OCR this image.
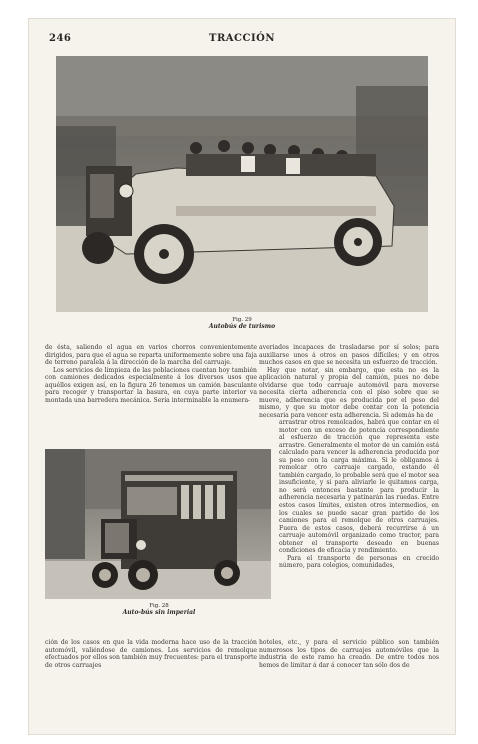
246	TRACCIÓN
Fig. 29
Autobús de turismo

de ésta, saliendo el agua en varios chorros convenientemente dirigidos, para que el agua se reparta uniformemente sobre una faja de terreno paralela á la dirección de la marcha del carruaje.

Los servicios de limpieza de las poblaciones cuentan hoy también con camiones dedicados especialmente á los diversos usos que aquéllos exigen así, en la figura 26 tenemos un camión basculante para recoger y transportar la basura, en cuya parte interior va montada una barredera mecánica. Sería interminable la enumera-

averiados incapaces de trasladarse por sí solos; para auxiliarse unos á otros en pasos difíciles; y en otros muchos casos en que se necesita un esfuerzo de tracción.

Hay que notar, sin embargo, que esta no es la aplicación natural y propia del camión, pues no debe olvidarse que todo carruaje automóvil para moverse necesita cierta adherencia con el piso sobre que se mueve, adherencia que es producida por el peso del mismo, y que su motor debe contar con la potencia necesaria para vencer esta adherencia. Si además ha de

Fig. 28
Auto-bús sin imperial

arrastrar otros remolcados, habrá que contar en el motor con un exceso de potencia correspondiente al esfuerzo de tracción que representa este arrastre. Generalmente el motor de un camión está calculado para vencer la adherencia producida por su peso con la carga máxima. Si le obligamos á remolcar otro carruaje cargado, estando él también cargado, lo probable será que el motor sea insuficiente, y si para aliviarle le quitamos carga, no será entonces bastante para producir la adherencia necesaria y patinarán las ruedas. Entre estos casos límites, existen otros intermedios, en los cuales se puede sacar gran partido de los camiones para el remolque de otros carruajes. Fuera de estos casos, deberá recurrirse á un carruaje automóvil organizado como tractor, para obtener el transporte deseado en buenas condiciones de eficacia y rendimiento.

Para el transporte de personas en crecido número, para colegios, comunidades,

ción de los casos en que la vida moderna hace uso de la tracción automóvil, valiéndose de camiones. Los servicios de remolque efectuados por ellos son también muy frecuentes: para el transporte de otros carruajes

hoteles, etc., y para el servicio público son también numerosos los tipos de carruajes automóviles que la industria de este ramo ha creado. De entre todos nos hemos de limitar á dar á conocer tan sólo dos de
